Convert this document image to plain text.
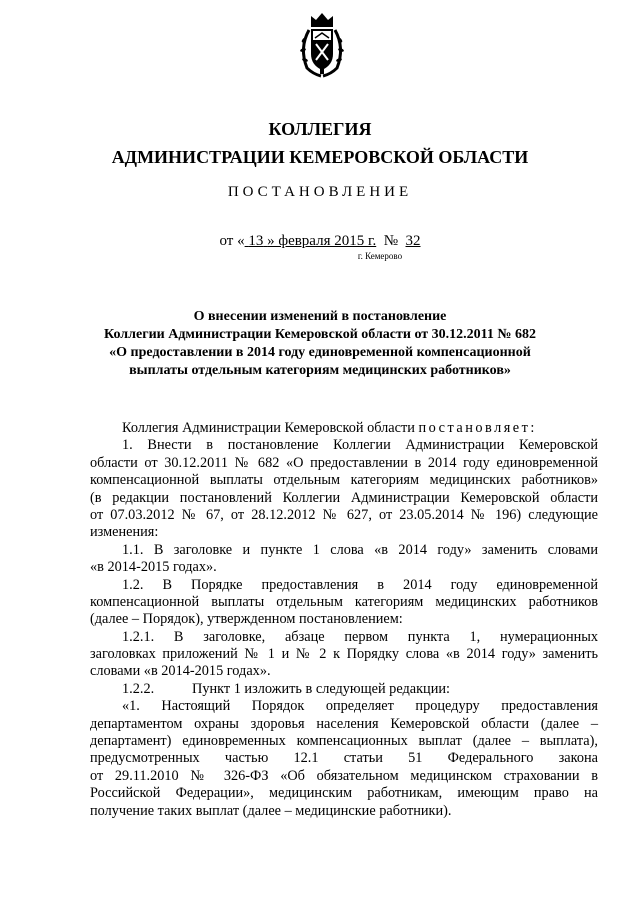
КОЛЛЕГИЯ
АДМИНИСТРАЦИИ КЕМЕРОВСКОЙ ОБЛАСТИ
ПОСТАНОВЛЕНИЕ
от « 13 » февраля 2015 г. № 32
г. Кемерово
О внесении изменений в постановление
Коллегии Администрации Кемеровской области от 30.12.2011 № 682
«О предоставлении в 2014 году единовременной компенсационной
выплаты отдельным категориям медицинских работников»
Коллегия Администрации Кемеровской области постановляет:
1. Внести в постановление Коллегии Администрации Кемеровской
области от 30.12.2011 № 682 «О предоставлении в 2014 году единовременной
компенсационной выплаты отдельным категориям медицинских работников»
(в редакции постановлений Коллегии Администрации Кемеровской области
от 07.03.2012 № 67, от 28.12.2012 № 627, от 23.05.2014 № 196) следующие
изменения:
1.1. В заголовке и пункте 1 слова «в 2014 году» заменить словами
«в 2014-2015 годах».
1.2. В Порядке предоставления в 2014 году единовременной
компенсационной выплаты отдельным категориям медицинских работников
(далее – Порядок), утвержденном постановлением:
1.2.1. В заголовке, абзаце первом пункта 1, нумерационных
заголовках приложений № 1 и № 2 к Порядку слова «в 2014 году» заменить
словами «в 2014-2015 годах».
1.2.2.	Пункт 1 изложить в следующей редакции:
«1. Настоящий Порядок определяет процедуру предоставления
департаментом охраны здоровья населения Кемеровской области (далее –
департамент) единовременных компенсационных выплат (далее – выплата),
предусмотренных частью 12.1 статьи 51 Федерального закона
от 29.11.2010 № 326-ФЗ «Об обязательном медицинском страховании в
Российской Федерации», медицинским работникам, имеющим право на
получение таких выплат (далее – медицинские работники).
